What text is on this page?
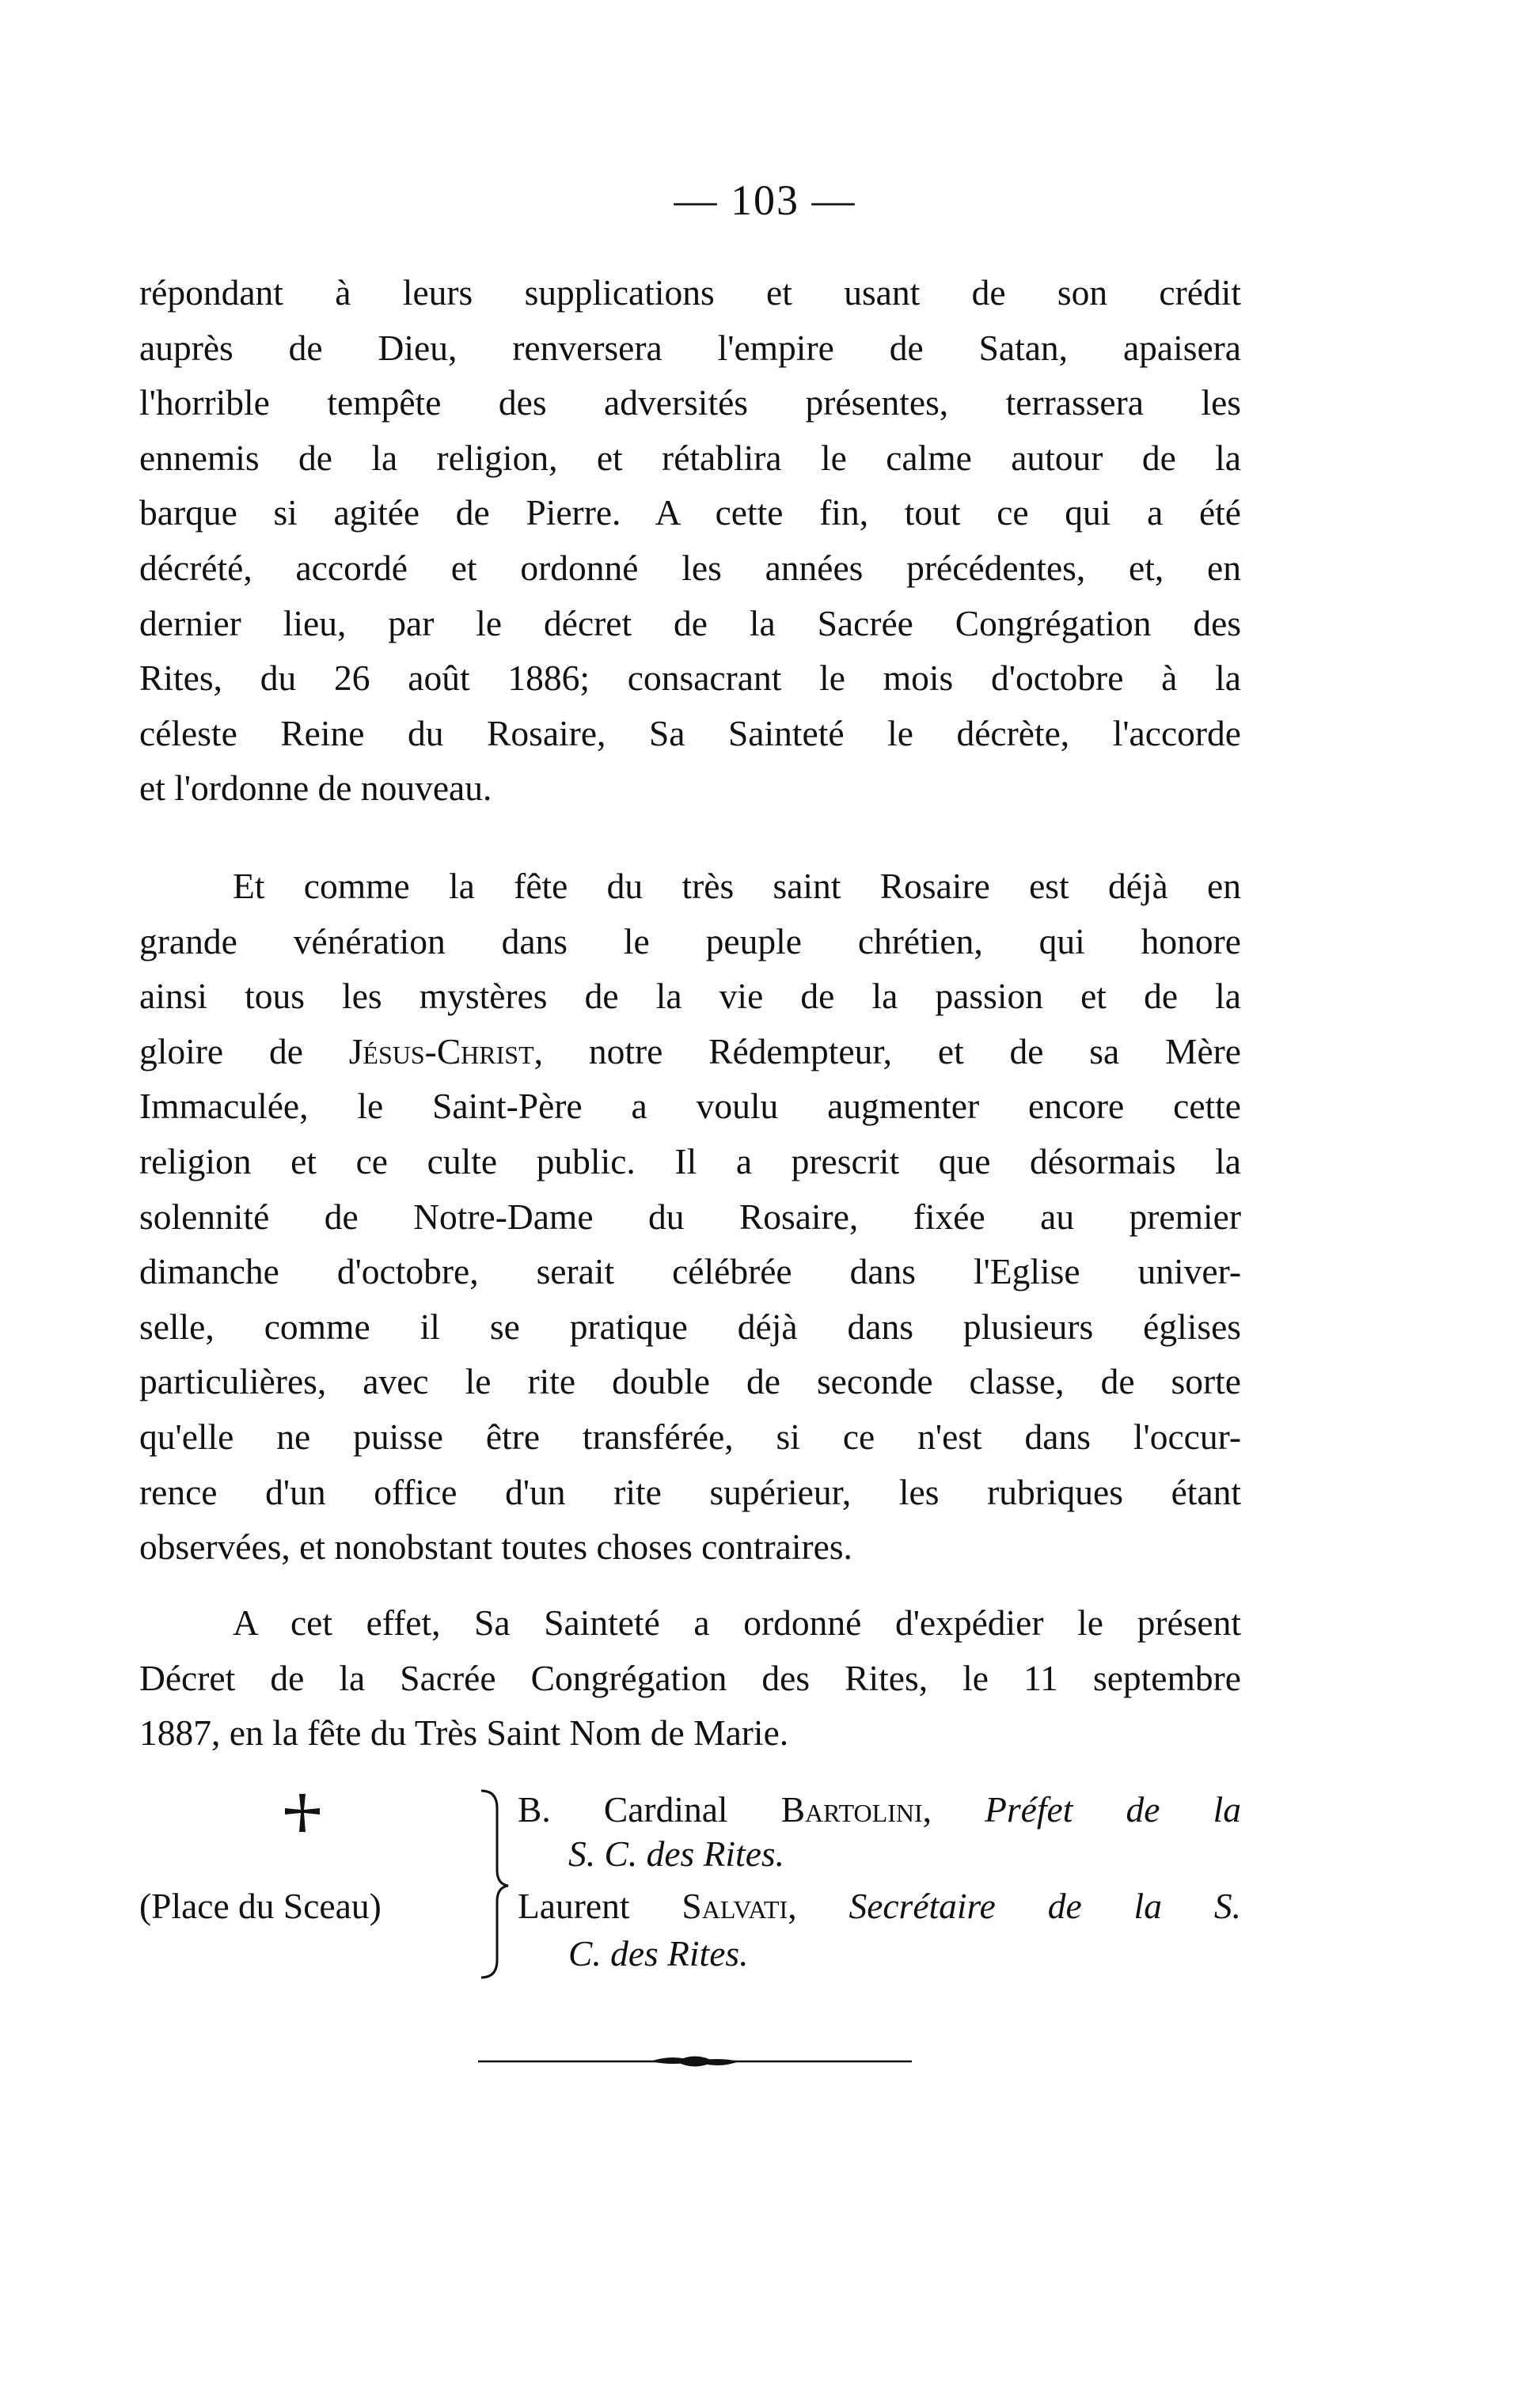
— 103 —
répondant à leurs supplications et usant de son crédit
auprès de Dieu, renversera l'empire de Satan, apaisera
l'horrible tempête des adversités présentes, terrassera les
ennemis de la religion, et rétablira le calme autour de la
barque si agitée de Pierre. A cette fin, tout ce qui a été
décrété, accordé et ordonné les années précédentes, et, en
dernier lieu, par le décret de la Sacrée Congrégation des
Rites, du 26 août 1886; consacrant le mois d'octobre à la
céleste Reine du Rosaire, Sa Sainteté le décrète, l'accorde
et l'ordonne de nouveau.
Et comme la fête du très saint Rosaire est déjà en
grande vénération dans le peuple chrétien, qui honore
ainsi tous les mystères de la vie de la passion et de la
gloire de Jésus-Christ, notre Rédempteur, et de sa Mère
Immaculée, le Saint-Père a voulu augmenter encore cette
religion et ce culte public. Il a prescrit que désormais la
solennité de Notre-Dame du Rosaire, fixée au premier
dimanche d'octobre, serait célébrée dans l'Eglise univer-
selle, comme il se pratique déjà dans plusieurs églises
particulières, avec le rite double de seconde classe, de sorte
qu'elle ne puisse être transférée, si ce n'est dans l'occur-
rence d'un office d'un rite supérieur, les rubriques étant
observées, et nonobstant toutes choses contraires.
A cet effet, Sa Sainteté a ordonné d'expédier le présent
Décret de la Sacrée Congrégation des Rites, le 11 septembre
1887, en la fête du Très Saint Nom de Marie.
(Place du Sceau)
B. Cardinal Bartolini, Préfet de la
S. C. des Rites.
Laurent Salvati, Secrétaire de la S.
C. des Rites.
